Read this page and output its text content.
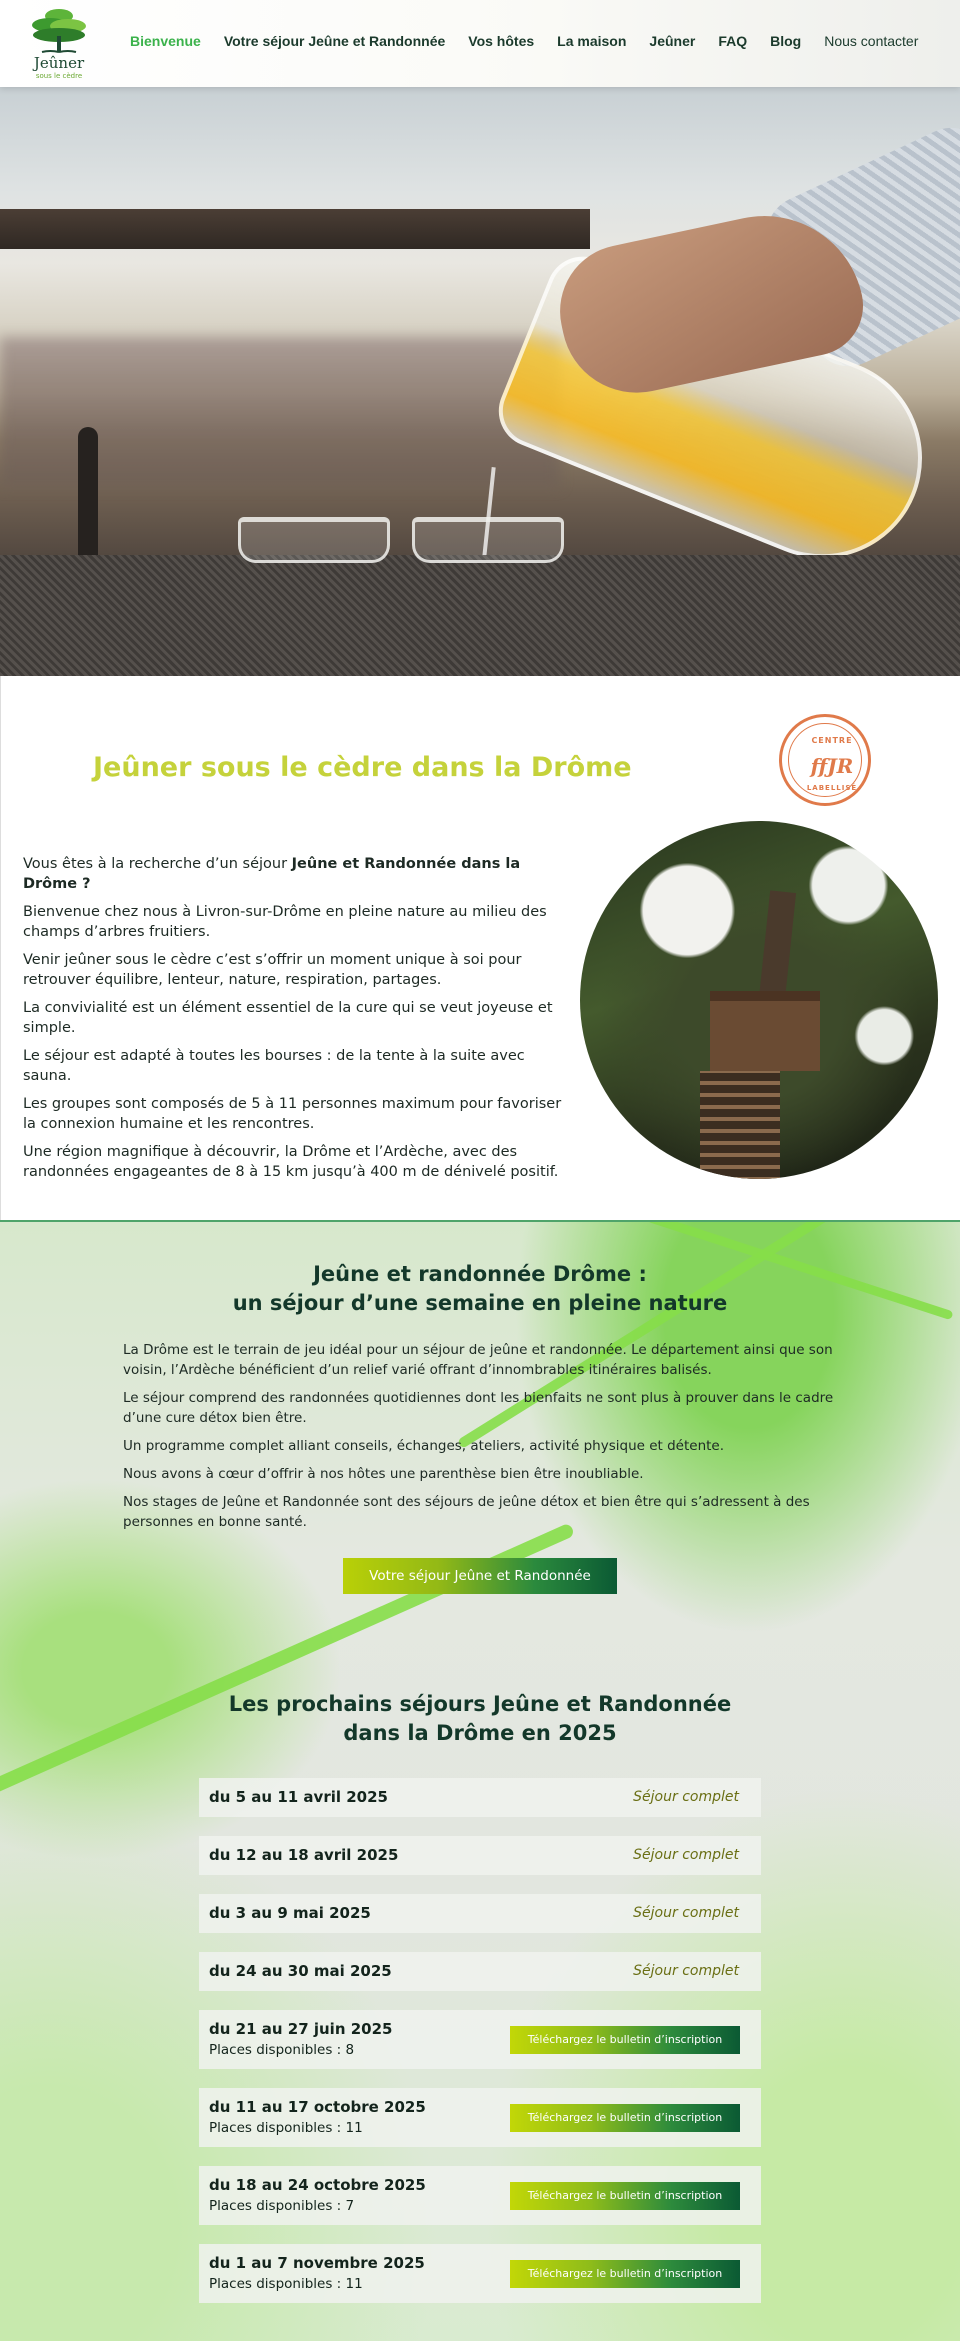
Jeûner
sous le cèdre
Bienvenue Votre séjour Jeûne et Randonnée Vos hôtes La maison Jeûner FAQ Blog Nous contacter
Jeûner sous le cèdre dans la Drôme
CENTRE
ffJR
LABELLISÉ

Vous êtes à la recherche d’un séjour Jeûne et Randonnée dans la Drôme ?

Bienvenue chez nous à Livron-sur-Drôme en pleine nature au milieu des champs d’arbres fruitiers.

Venir jeûner sous le cèdre c’est s’offrir un moment unique à soi pour retrouver équilibre, lenteur, nature, respiration, partages.

La convivialité est un élément essentiel de la cure qui se veut joyeuse et simple.

Le séjour est adapté à toutes les bourses : de la tente à la suite avec sauna.

Les groupes sont composés de 5 à 11 personnes maximum pour favoriser la connexion humaine et les rencontres.

Une région magnifique à découvrir, la Drôme et l’Ardèche, avec des randonnées engageantes de 8 à 15 km jusqu’à 400 m de dénivelé positif.

Jeûne et randonnée Drôme :
un séjour d’une semaine en pleine nature

La Drôme est le terrain de jeu idéal pour un séjour de jeûne et randonnée. Le département ainsi que son voisin, l’Ardèche bénéficient d’un relief varié offrant d’innombrables itinéraires balisés.

Le séjour comprend des randonnées quotidiennes dont les bienfaits ne sont plus à prouver dans le cadre d’une cure détox bien être.

Un programme complet alliant conseils, échanges, ateliers, activité physique et détente.

Nous avons à cœur d’offrir à nos hôtes une parenthèse bien être inoubliable.

Nos stages de Jeûne et Randonnée sont des séjours de jeûne détox et bien être qui s’adressent à des personnes en bonne santé.

Votre séjour Jeûne et Randonnée
Les prochains séjours Jeûne et Randonnée
dans la Drôme en 2025
du 5 au 11 avril 2025	Séjour complet
du 12 au 18 avril 2025	Séjour complet
du 3 au 9 mai 2025	Séjour complet
du 24 au 30 mai 2025	Séjour complet
du 21 au 27 juin 2025
Places disponibles : 8
Téléchargez le bulletin d’inscription
du 11 au 17 octobre 2025
Places disponibles : 11
Téléchargez le bulletin d’inscription
du 18 au 24 octobre 2025
Places disponibles : 7
Téléchargez le bulletin d’inscription
du 1 au 7 novembre 2025
Places disponibles : 11
Téléchargez le bulletin d’inscription
